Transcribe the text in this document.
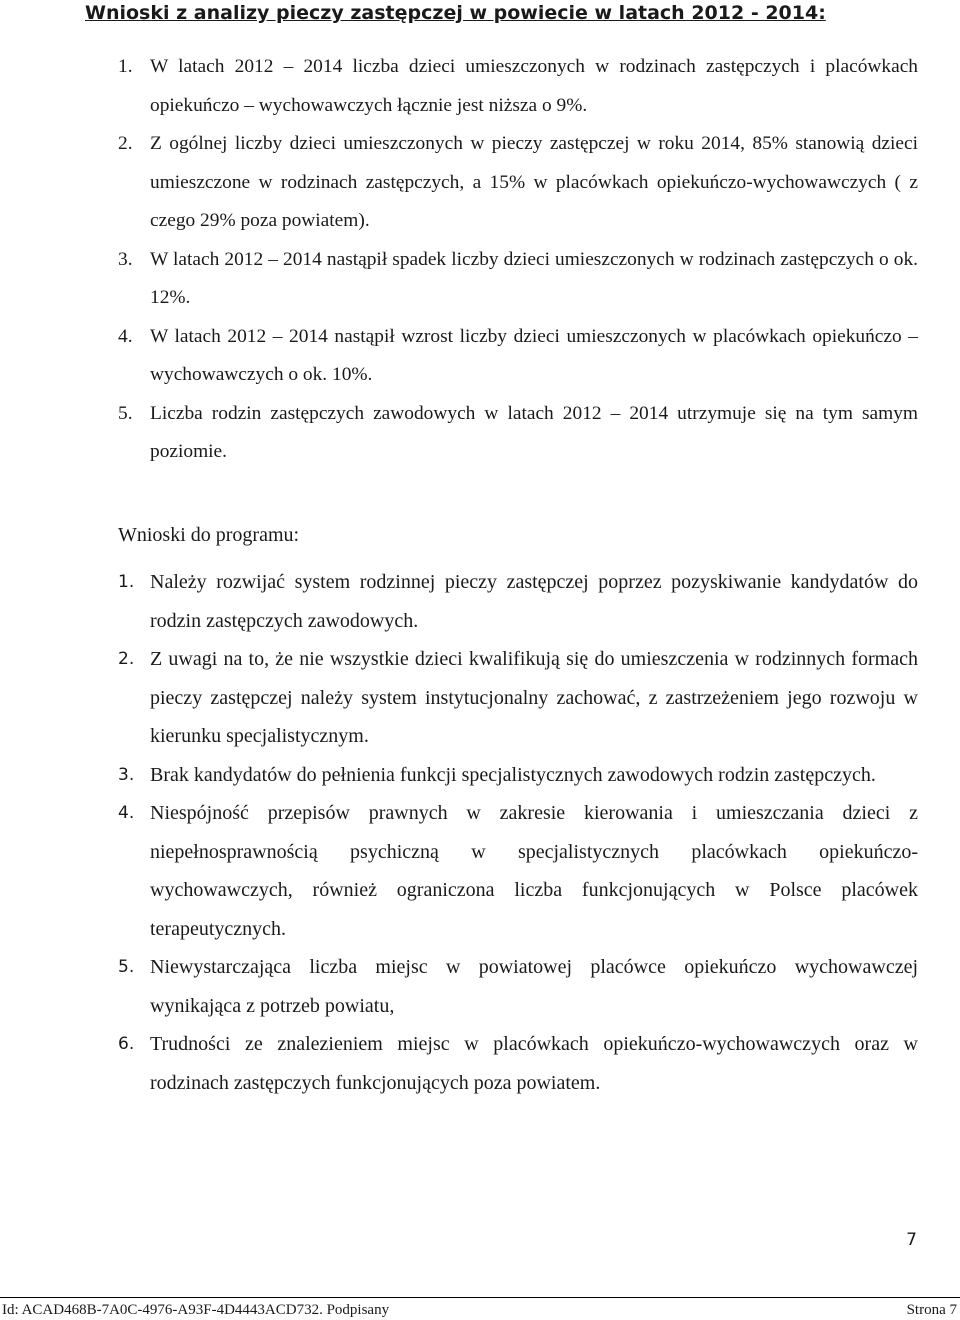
Wnioski z analizy pieczy zastępczej w powiecie w latach 2012 - 2014:
1. W latach 2012 – 2014 liczba dzieci umieszczonych w rodzinach zastępczych i placówkach opiekuńczo – wychowawczych łącznie jest niższa o 9%.
2. Z ogólnej liczby dzieci umieszczonych w pieczy zastępczej w roku 2014, 85% stanowią dzieci umieszczone w rodzinach zastępczych, a 15% w placówkach opiekuńczo-wychowawczych ( z czego 29% poza powiatem).
3. W latach 2012 – 2014 nastąpił spadek liczby dzieci umieszczonych w rodzinach zastępczych o ok. 12%.
4. W latach 2012 – 2014 nastąpił wzrost liczby dzieci umieszczonych w placówkach opiekuńczo – wychowawczych o ok. 10%.
5. Liczba rodzin zastępczych zawodowych w latach 2012 – 2014 utrzymuje się na tym samym poziomie.
Wnioski do programu:
1. Należy rozwijać system rodzinnej pieczy zastępczej poprzez pozyskiwanie kandydatów do rodzin zastępczych zawodowych.
2. Z uwagi na to, że nie wszystkie dzieci kwalifikują się do umieszczenia w rodzinnych formach pieczy zastępczej należy system instytucjonalny zachować, z zastrzeżeniem jego rozwoju w kierunku specjalistycznym.
3. Brak kandydatów do pełnienia funkcji specjalistycznych zawodowych rodzin zastępczych.
4. Niespójność przepisów prawnych w zakresie kierowania i umieszczania dzieci z niepełnosprawnością psychiczną w specjalistycznych placówkach opiekuńczo-wychowawczych, również ograniczona liczba funkcjonujących w Polsce placówek terapeutycznych.
5. Niewystarczająca liczba miejsc w powiatowej placówce opiekuńczo wychowawczej wynikająca z potrzeb powiatu,
6. Trudności ze znalezieniem miejsc w placówkach opiekuńczo-wychowawczych oraz w rodzinach zastępczych funkcjonujących poza powiatem.
7
Id: ACAD468B-7A0C-4976-A93F-4D4443ACD732. Podpisany	Strona 7
